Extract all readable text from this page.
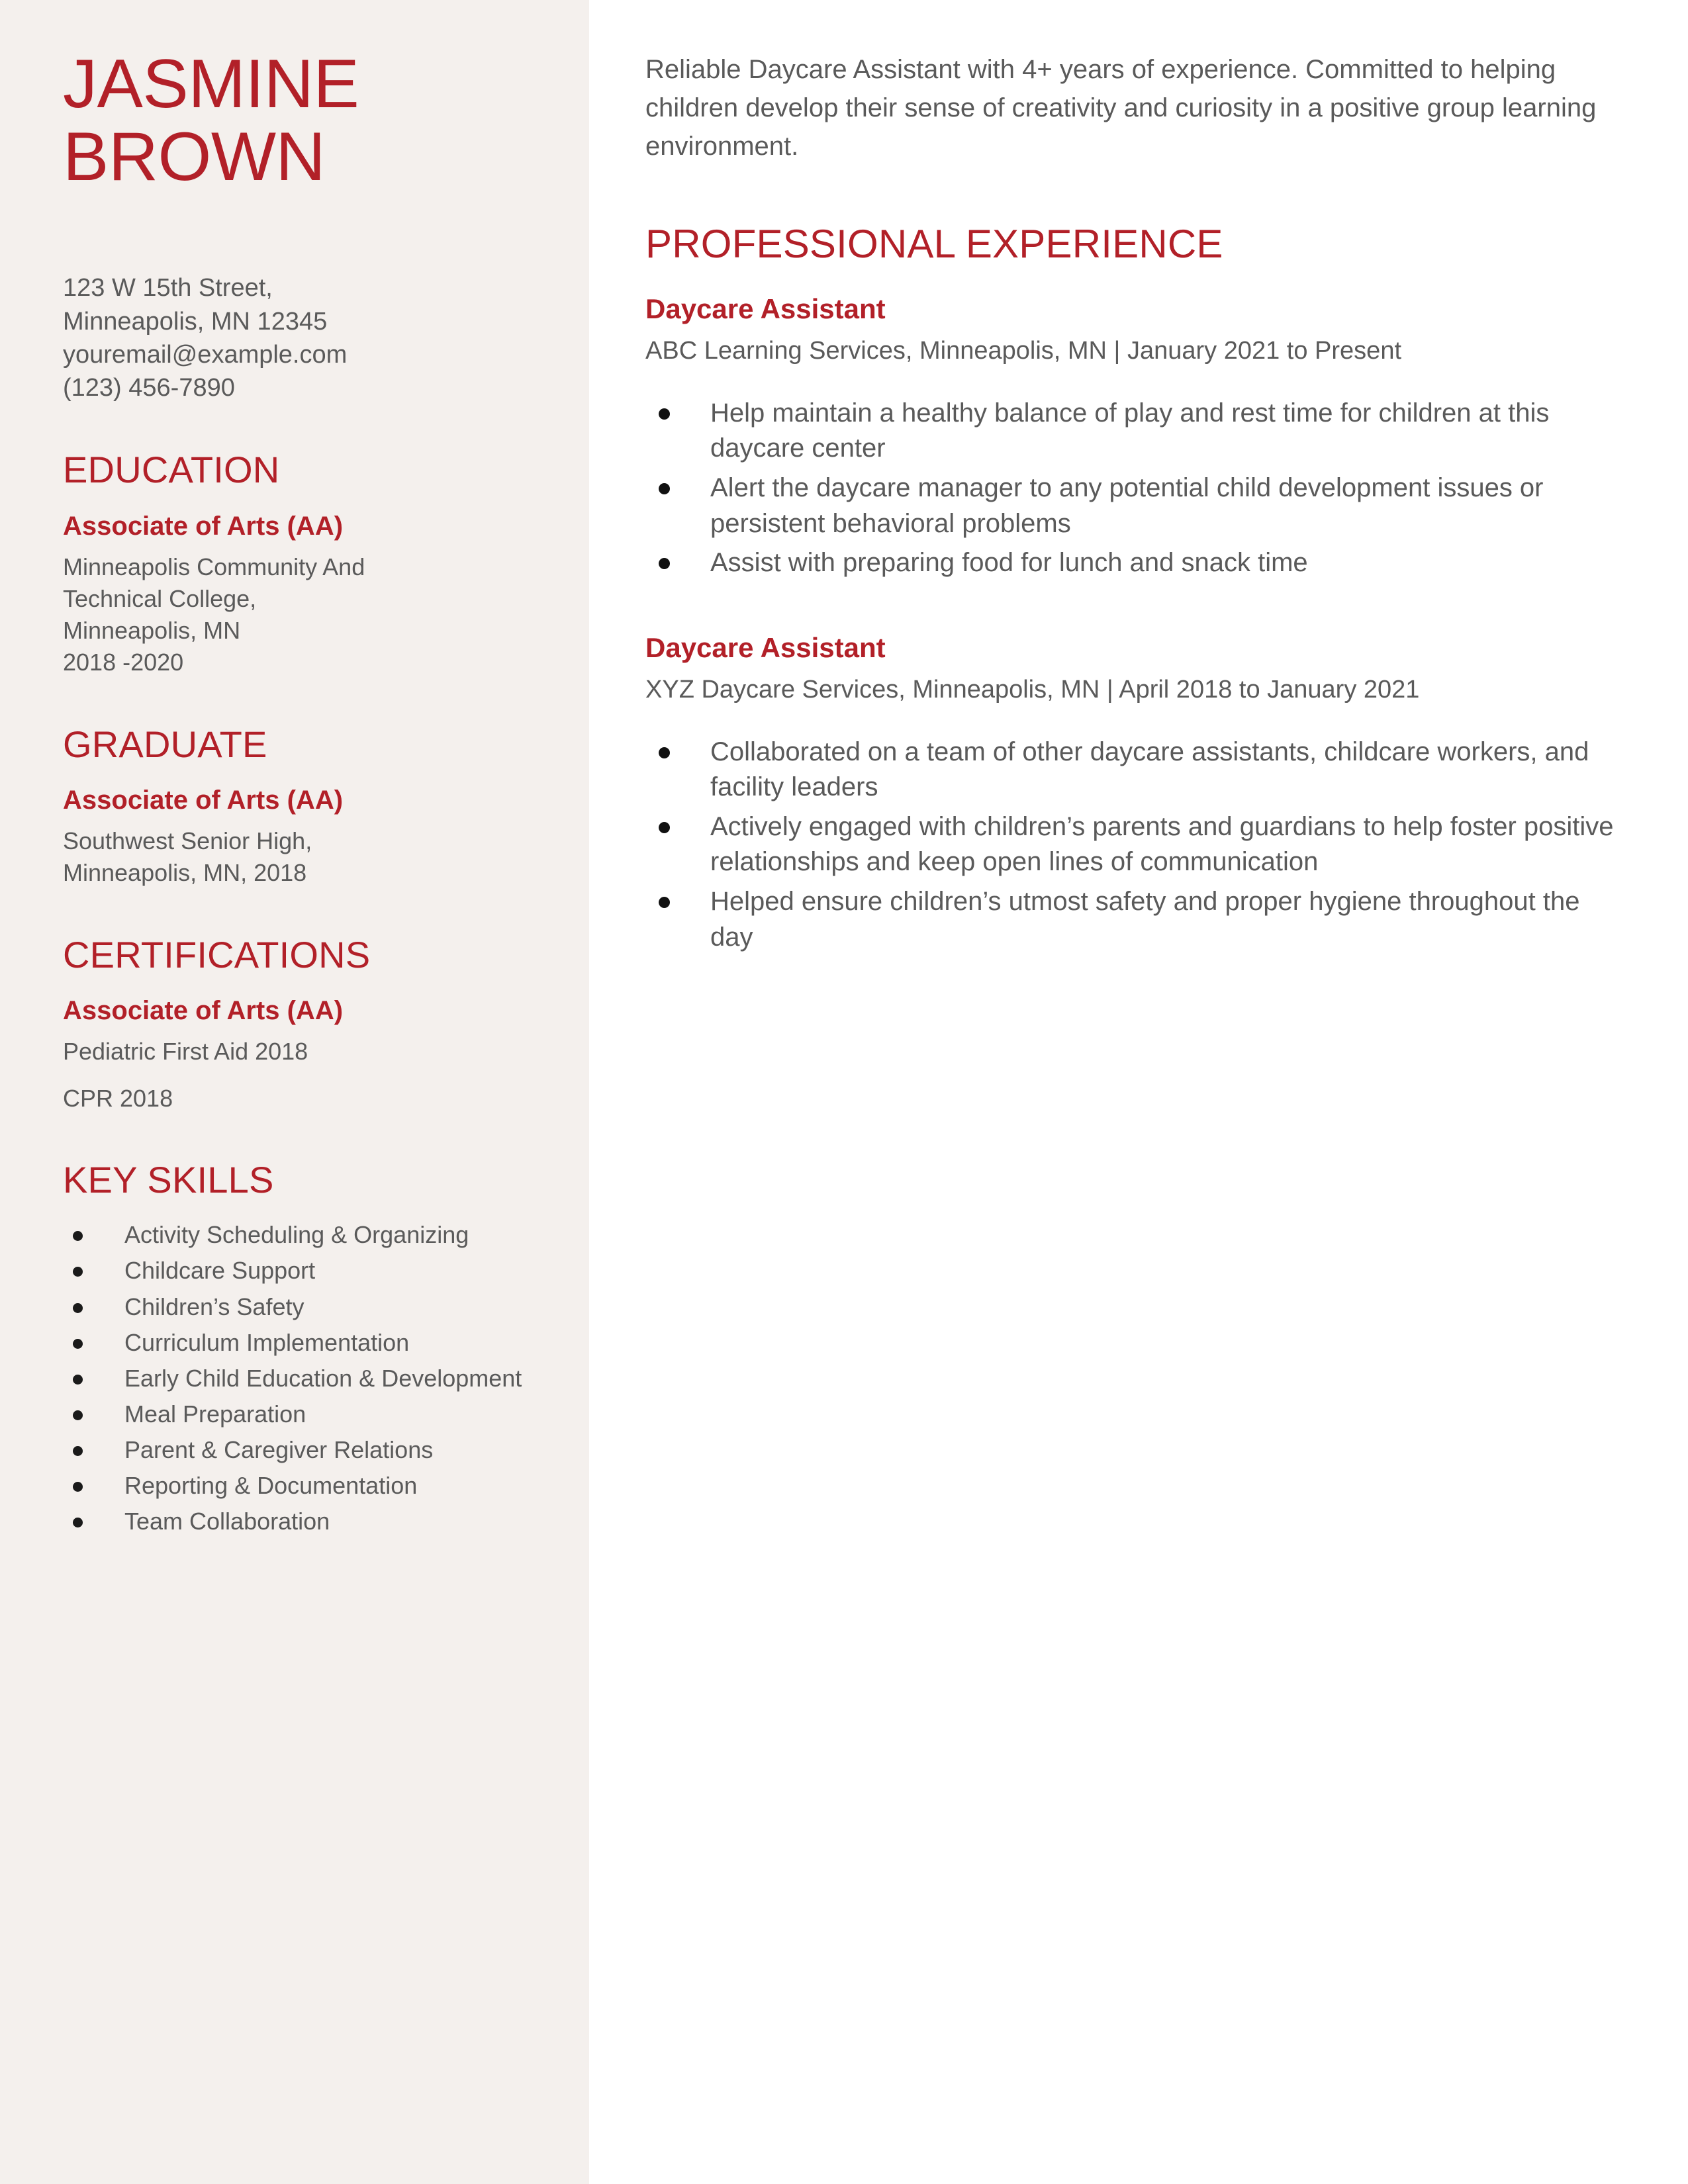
JASMINE
BROWN
123 W 15th Street,
Minneapolis, MN 12345
youremail@example.com
(123) 456-7890
EDUCATION
Associate of Arts (AA)
Minneapolis Community And
Technical College,
Minneapolis, MN
2018 -2020
GRADUATE
Associate of Arts (AA)
Southwest Senior High,
Minneapolis, MN, 2018
CERTIFICATIONS
Associate of Arts (AA)
Pediatric First Aid 2018
CPR 2018
KEY SKILLS
Activity Scheduling & Organizing
Childcare Support
Children’s Safety
Curriculum Implementation
Early Child Education & Development
Meal Preparation
Parent & Caregiver Relations
Reporting & Documentation
Team Collaboration

Reliable Daycare Assistant with 4+ years of experience. Committed to helping children develop their sense of creativity and curiosity in a positive group learning environment.

PROFESSIONAL EXPERIENCE
Daycare Assistant
ABC Learning Services, Minneapolis, MN | January 2021 to Present
Help maintain a healthy balance of play and rest time for children at this daycare center
Alert the daycare manager to any potential child development issues or persistent behavioral problems
Assist with preparing food for lunch and snack time
Daycare Assistant
XYZ Daycare Services, Minneapolis, MN | April 2018 to January 2021
Collaborated on a team of other daycare assistants, childcare workers, and facility leaders
Actively engaged with children’s parents and guardians to help foster positive relationships and keep open lines of communication
Helped ensure children’s utmost safety and proper hygiene throughout the day
